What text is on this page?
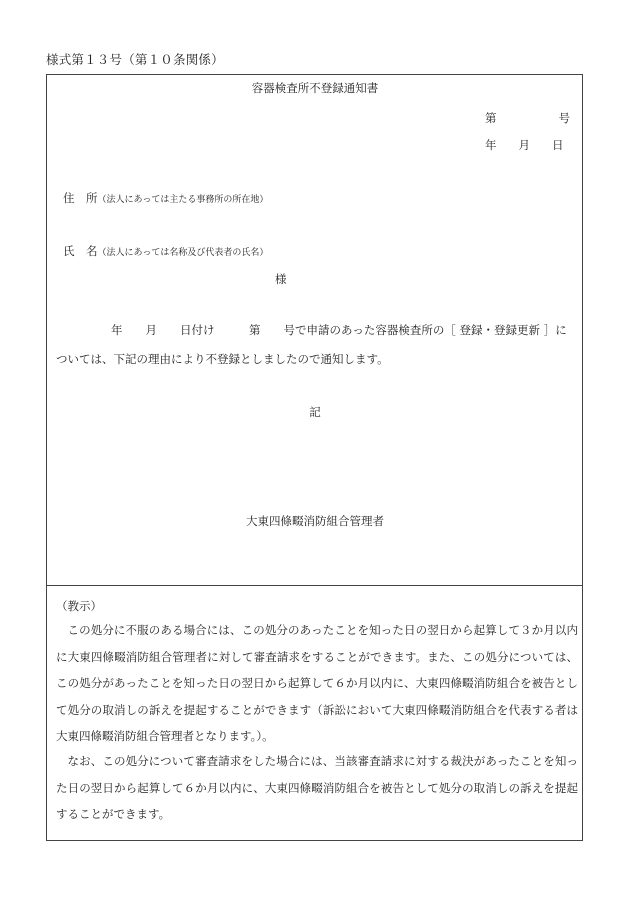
様式第１３号（第１０条関係）
容器検査所不登録通知書
第	号
年 月 日
住　所（法人にあっては主たる事務所の所在地）
氏　名（法人にあっては名称及び代表者の氏名）
様
年　　月　　日付け　　　第　　号で申請のあった容器検査所の［ 登録・登録更新 ］に
ついては、下記の理由により不登録としましたので通知します。
記
大東四條畷消防組合管理者
（教示）
この処分に不服のある場合には、この処分のあったことを知った日の翌日から起算して３か月以内に大東四條畷消防組合管理者に対して審査請求をすることができます。また、この処分については、この処分があったことを知った日の翌日から起算して６か月以内に、大東四條畷消防組合を被告として処分の取消しの訴えを提起することができます（訴訟において大東四條畷消防組合を代表する者は大東四條畷消防組合管理者となります。）。
なお、この処分について審査請求をした場合には、当該審査請求に対する裁決があったことを知った日の翌日から起算して６か月以内に、大東四條畷消防組合を被告として処分の取消しの訴えを提起することができます。
